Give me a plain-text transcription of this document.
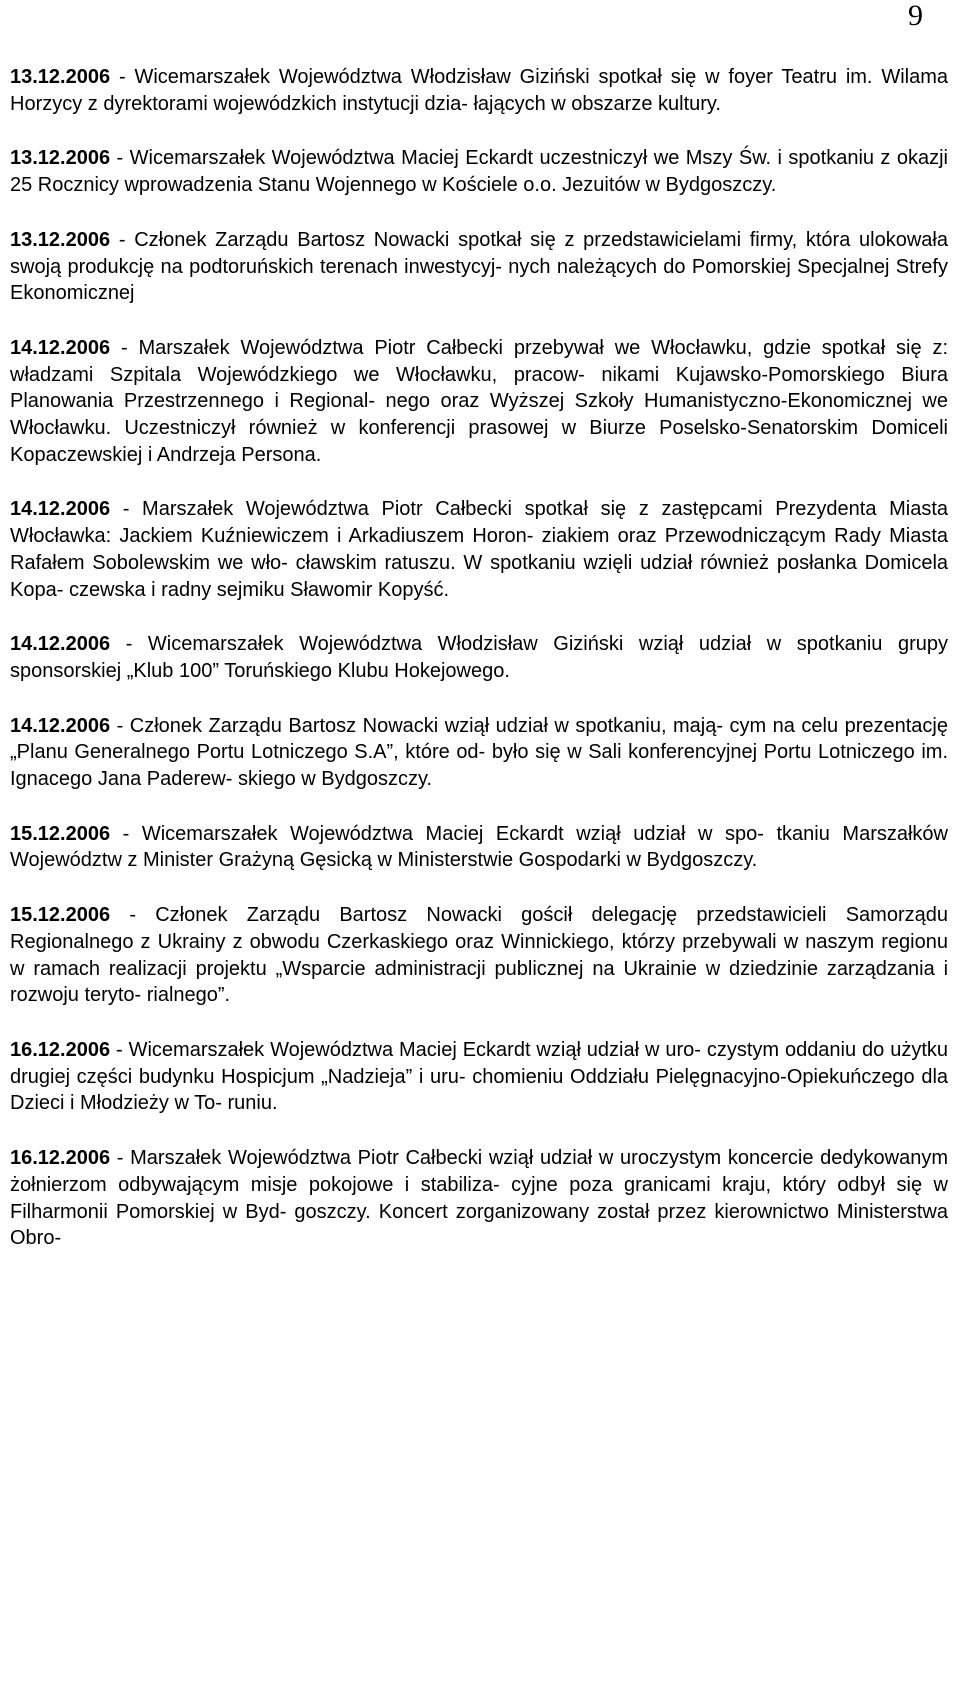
9

13.12.2006 - Wicemarszałek Województwa Włodzisław Giziński spotkał się w foyer Teatru im. Wilama Horzycy z dyrektorami wojewódzkich instytucji dzia- łających w obszarze kultury.

13.12.2006 - Wicemarszałek Województwa Maciej Eckardt uczestniczył we Mszy Św. i spotkaniu z okazji 25 Rocznicy wprowadzenia Stanu Wojennego w Kościele o.o. Jezuitów w Bydgoszczy.

13.12.2006 - Członek Zarządu Bartosz Nowacki spotkał się z przedstawicielami firmy, która ulokowała swoją produkcję na podtoruńskich terenach inwestycyj- nych należących do Pomorskiej Specjalnej Strefy Ekonomicznej

14.12.2006 - Marszałek Województwa Piotr Całbecki przebywał we Włocławku, gdzie spotkał się z: władzami Szpitala Wojewódzkiego we Włocławku, pracow- nikami Kujawsko-Pomorskiego Biura Planowania Przestrzennego i Regional- nego oraz Wyższej Szkoły Humanistyczno-Ekonomicznej we Włocławku. Uczestniczył również w konferencji prasowej w Biurze Poselsko-Senatorskim Domiceli Kopaczewskiej i Andrzeja Persona.

14.12.2006 - Marszałek Województwa Piotr Całbecki spotkał się z zastępcami Prezydenta Miasta Włocławka: Jackiem Kuźniewiczem i Arkadiuszem Horon- ziakiem oraz Przewodniczącym Rady Miasta Rafałem Sobolewskim we wło- cławskim ratuszu. W spotkaniu wzięli udział również posłanka Domicela Kopa- czewska i radny sejmiku Sławomir Kopyść.

14.12.2006 - Wicemarszałek Województwa Włodzisław Giziński wziął udział w spotkaniu grupy sponsorskiej „Klub 100” Toruńskiego Klubu Hokejowego.

14.12.2006 - Członek Zarządu Bartosz Nowacki wziął udział w spotkaniu, mają- cym na celu prezentację „Planu Generalnego Portu Lotniczego S.A”, które od- było się w Sali konferencyjnej Portu Lotniczego im. Ignacego Jana Paderew- skiego w Bydgoszczy.

15.12.2006 - Wicemarszałek Województwa Maciej Eckardt wziął udział w spo- tkaniu Marszałków Województw z Minister Grażyną Gęsicką w Ministerstwie Gospodarki w Bydgoszczy.

15.12.2006 - Członek Zarządu Bartosz Nowacki gościł delegację przedstawicieli Samorządu Regionalnego z Ukrainy z obwodu Czerkaskiego oraz Winnickiego, którzy przebywali w naszym regionu w ramach realizacji projektu „Wsparcie administracji publicznej na Ukrainie w dziedzinie zarządzania i rozwoju teryto- rialnego”.

16.12.2006 - Wicemarszałek Województwa Maciej Eckardt wziął udział w uro- czystym oddaniu do użytku drugiej części budynku Hospicjum „Nadzieja” i uru- chomieniu Oddziału Pielęgnacyjno-Opiekuńczego dla Dzieci i Młodzieży w To- runiu.

16.12.2006 - Marszałek Województwa Piotr Całbecki wziął udział w uroczystym koncercie dedykowanym żołnierzom odbywającym misje pokojowe i stabiliza- cyjne poza granicami kraju, który odbył się w Filharmonii Pomorskiej w Byd- goszczy. Koncert zorganizowany został przez kierownictwo Ministerstwa Obro-
